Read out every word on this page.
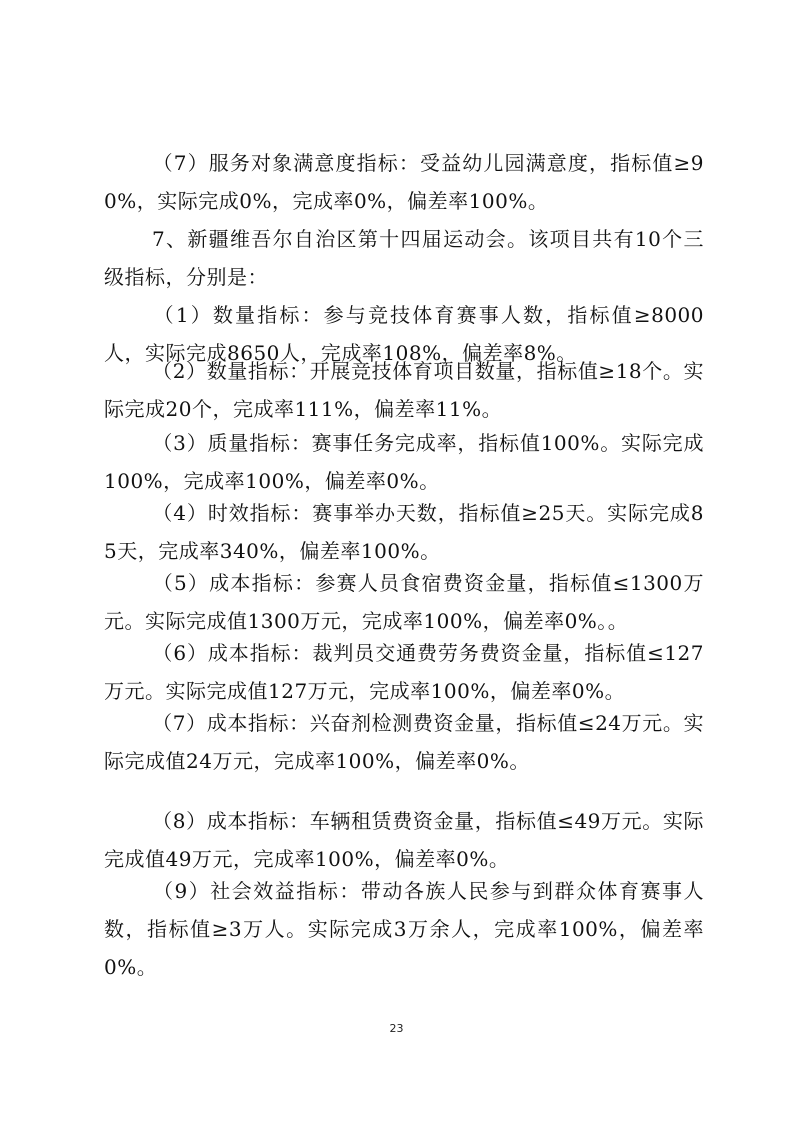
（7）服务对象满意度指标：受益幼儿园满意度，指标值≥90%，实际完成0%，完成率0%，偏差率100%。

7、新疆维吾尔自治区第十四届运动会。该项目共有10个三级指标，分别是：

（1）数量指标：参与竞技体育赛事人数，指标值≥8000人，实际完成8650人，完成率108%，偏差率8%。

（2）数量指标：开展竞技体育项目数量，指标值≥18个。实际完成20个，完成率111%，偏差率11%。

（3）质量指标：赛事任务完成率，指标值100%。实际完成100%，完成率100%，偏差率0%。

（4）时效指标：赛事举办天数，指标值≥25天。实际完成85天，完成率340%，偏差率100%。

（5）成本指标：参赛人员食宿费资金量，指标值≤1300万元。实际完成值1300万元，完成率100%，偏差率0%。。

（6）成本指标：裁判员交通费劳务费资金量，指标值≤127万元。实际完成值127万元，完成率100%，偏差率0%。

（7）成本指标：兴奋剂检测费资金量，指标值≤24万元。实际完成值24万元，完成率100%，偏差率0%。

（8）成本指标：车辆租赁费资金量，指标值≤49万元。实际完成值49万元，完成率100%，偏差率0%。

（9）社会效益指标：带动各族人民参与到群众体育赛事人数，指标值≥3万人。实际完成3万余人，完成率100%，偏差率0%。

23
